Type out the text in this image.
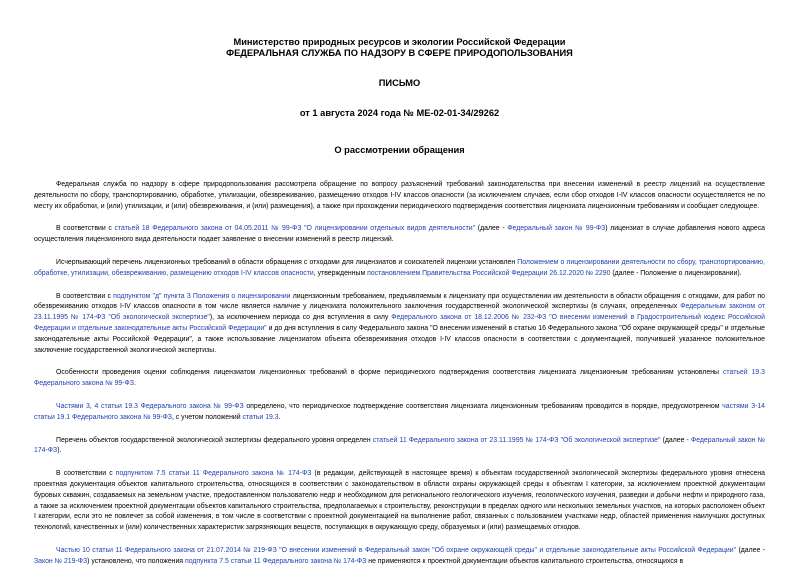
Министерство природных ресурсов и экологии Российской Федерации
ФЕДЕРАЛЬНАЯ СЛУЖБА ПО НАДЗОРУ В СФЕРЕ ПРИРОДОПОЛЬЗОВАНИЯ
ПИСЬМО
от 1 августа 2024 года № МЕ-02-01-34/29262
О рассмотрении обращения

Федеральная служба по надзору в сфере природопользования рассмотрела обращение по вопросу разъяснений требований законодательства при внесении изменений в реестр лицензий на осуществление деятельности по сбору, транспортированию, обработке, утилизации, обезвреживанию, размещению отходов I-IV классов опасности (за исключением случаев, если сбор отходов I-IV классов опасности осуществляется не по месту их обработки, и (или) утилизации, и (или) обезвреживания, и (или) размещения), а также при прохождении периодического подтверждения соответствия лицензиата лицензионным требованиям и сообщает следующее.

В соответствии с статьей 18 Федерального закона от 04.05.2011 № 99-ФЗ "О лицензировании отдельных видов деятельности" (далее - Федеральный закон № 99-ФЗ) лицензиат в случае добавления нового адреса осуществления лицензионного вида деятельности подает заявление о внесении изменений в реестр лицензий.

Исчерпывающий перечень лицензионных требований в области обращения с отходами для лицензиатов и соискателей лицензии установлен Положением о лицензировании деятельности по сбору, транспортированию, обработке, утилизации, обезвреживанию, размещению отходов I-IV классов опасности, утвержденным постановлением Правительства Российской Федерации 26.12.2020 № 2290 (далее - Положение о лицензировании).

В соответствии с подпунктом "д" пункта 3 Положения о лицензировании лицензионным требованием, предъявляемым к лицензиату при осуществлении им деятельности в области обращения с отходами, для работ по обезвреживанию отходов I-IV классов опасности в том числе является наличие у лицензиата положительного заключения государственной экологической экспертизы (в случаях, определенных Федеральным законом от 23.11.1995 № 174-ФЗ "Об экологической экспертизе"), за исключением периода со дня вступления в силу Федерального закона от 18.12.2006 № 232-ФЗ "О внесении изменений в Градостроительный кодекс Российской Федерации и отдельные законодательные акты Российской Федерации" и до дня вступления в силу Федерального закона "О внесении изменений в статью 16 Федерального закона "Об охране окружающей среды" и отдельные законодательные акты Российской Федерации", а также использование лицензиатом объекта обезвреживания отходов I-IV классов опасности в соответствии с документацией, получившей указанное положительное заключение государственной экологической экспертизы.

Особенности проведения оценки соблюдения лицензиатом лицензионных требований в форме периодического подтверждения соответствия лицензиата лицензионным требованиям установлены статьей 19.3 Федерального закона № 99-ФЗ.

Частями 3, 4 статьи 19.3 Федерального закона № 99-ФЗ определено, что периодическое подтверждение соответствия лицензиата лицензионным требованиям проводится в порядке, предусмотренном частями 3-14 статьи 19.1 Федерального закона № 99-ФЗ, с учетом положений статьи 19.3.

Перечень объектов государственной экологической экспертизы федерального уровня определен статьей 11 Федерального закона от 23.11.1995 № 174-ФЗ "Об экологической экспертизе" (далее - Федеральный закон № 174-ФЗ).

В соответствии с подпунктом 7.5 статьи 11 Федерального закона № 174-ФЗ (в редакции, действующей в настоящее время) к объектам государственной экологической экспертизы федерального уровня отнесена проектная документация объектов капитального строительства, относящихся в соответствии с законодательством в области охраны окружающей среды к объектам I категории, за исключением проектной документации буровых скважин, создаваемых на земельном участке, предоставленном пользователю недр и необходимом для регионального геологического изучения, геологического изучения, разведки и добычи нефти и природного газа, а также за исключением проектной документации объектов капитального строительства, предполагаемых к строительству, реконструкции в пределах одного или нескольких земельных участков, на которых расположен объект I категории, если это не повлечет за собой изменения, в том числе в соответствии с проектной документацией на выполнение работ, связанных с пользованием участками недр, областей применения наилучших доступных технологий, качественных и (или) количественных характеристик загрязняющих веществ, поступающих в окружающую среду, образуемых и (или) размещаемых отходов.

Частью 10 статьи 11 Федерального закона от 21.07.2014 № 219-ФЗ "О внесении изменений в Федеральный закон "Об охране окружающей среды" и отдельные законодательные акты Российской Федерации" (далее - Закон № 219-ФЗ) установлено, что положения подпункта 7.5 статьи 11 Федерального закона № 174-ФЗ не применяются к проектной документации объектов капитального строительства, относящихся в
